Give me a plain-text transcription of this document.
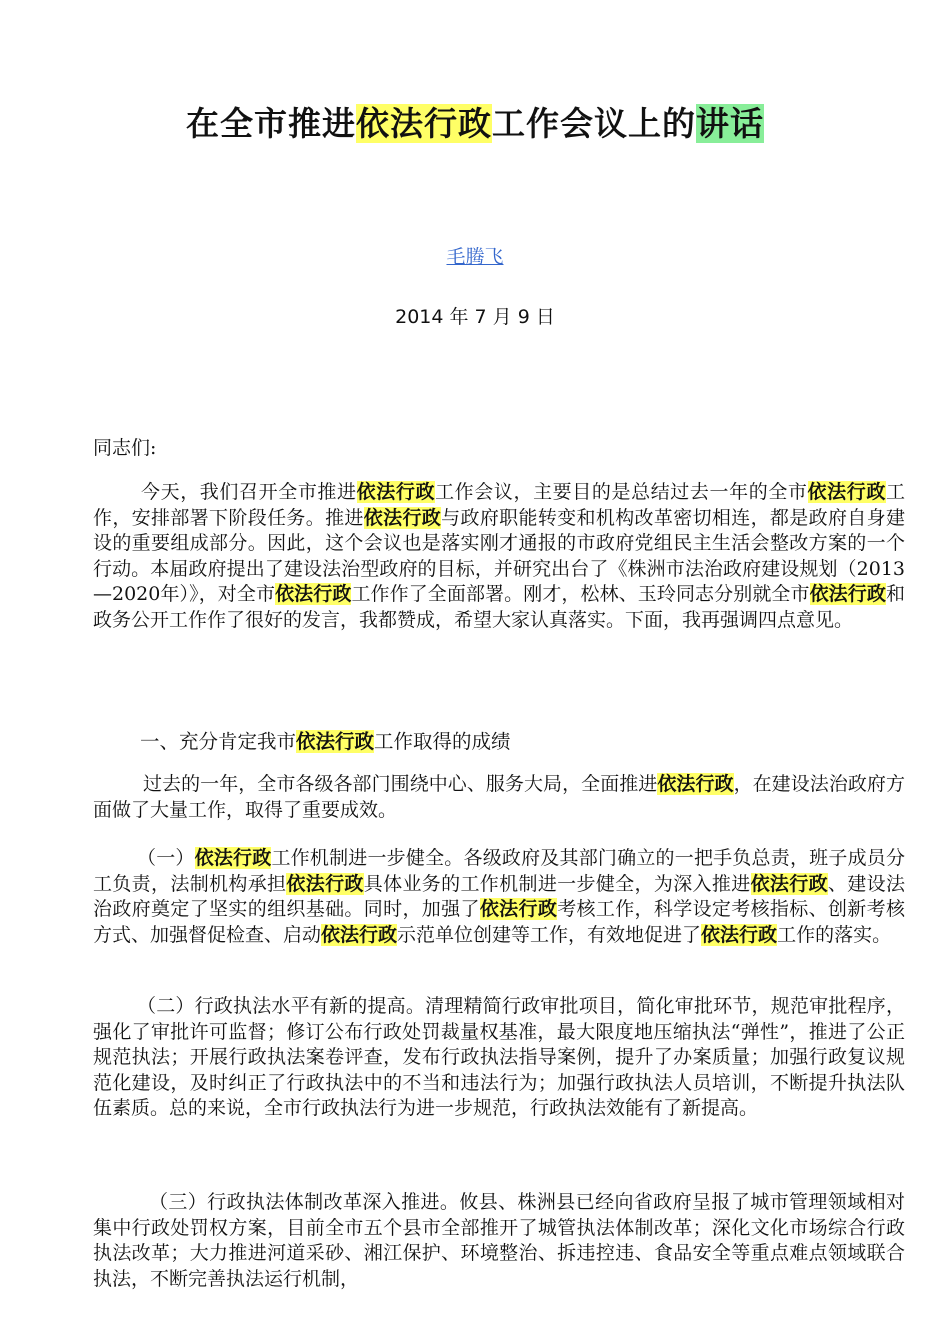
在全市推进依法行政工作会议上的讲话
毛腾飞
2014 年 7 月 9 日
同志们:
今天，我们召开全市推进依法行政工作会议，主要目的是总结过去一年的全市依法行政工作，安排部署下阶段任务。推进依法行政与政府职能转变和机构改革密切相连，都是政府自身建设的重要组成部分。因此，这个会议也是落实刚才通报的市政府党组民主生活会整改方案的一个行动。本届政府提出了建设法治型政府的目标，并研究出台了《株洲市法治政府建设规划（2013—2020年）》，对全市依法行政工作作了全面部署。刚才，松林、玉玲同志分别就全市依法行政和政务公开工作作了很好的发言，我都赞成，希望大家认真落实。下面，我再强调四点意见。
一、充分肯定我市依法行政工作取得的成绩
过去的一年，全市各级各部门围绕中心、服务大局，全面推进依法行政，在建设法治政府方面做了大量工作，取得了重要成效。
（一）依法行政工作机制进一步健全。各级政府及其部门确立的一把手负总责，班子成员分工负责，法制机构承担依法行政具体业务的工作机制进一步健全，为深入推进依法行政、建设法治政府奠定了坚实的组织基础。同时，加强了依法行政考核工作，科学设定考核指标、创新考核方式、加强督促检查、启动依法行政示范单位创建等工作，有效地促进了依法行政工作的落实。
（二）行政执法水平有新的提高。清理精简行政审批项目，简化审批环节，规范审批程序，强化了审批许可监督；修订公布行政处罚裁量权基准，最大限度地压缩执法“弹性”，推进了公正规范执法；开展行政执法案卷评查，发布行政执法指导案例，提升了办案质量；加强行政复议规范化建设，及时纠正了行政执法中的不当和违法行为；加强行政执法人员培训，不断提升执法队伍素质。总的来说，全市行政执法行为进一步规范，行政执法效能有了新提高。
（三）行政执法体制改革深入推进。攸县、株洲县已经向省政府呈报了城市管理领域相对集中行政处罚权方案，目前全市五个县市全部推开了城管执法体制改革；深化文化市场综合行政执法改革；大力推进河道采砂、湘江保护、环境整治、拆违控违、食品安全等重点难点领域联合执法，不断完善执法运行机制，
